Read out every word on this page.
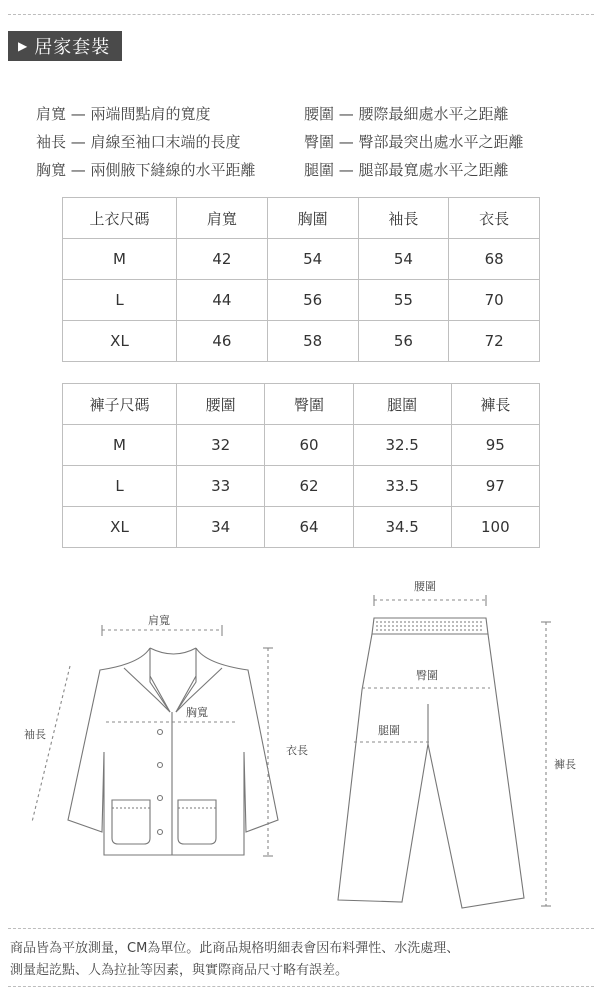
▶ 居家套裝
肩寬 — 兩端間點肩的寬度
袖長 — 肩線至袖口末端的長度
胸寬 — 兩側腋下縫線的水平距離
腰圍 — 腰際最細處水平之距離
臀圍 — 臀部最突出處水平之距離
腿圍 — 腿部最寬處水平之距離
上衣尺碼	肩寬	胸圍	袖長	衣長
M	42	54	54	68
L	44	56	55	70
XL	46	58	56	72
褲子尺碼	腰圍	臀圍	腿圍	褲長
M	32	60	32.5	95
L	33	62	33.5	97
XL	34	64	34.5	100
肩寬
胸寬
袖長
衣長
腰圍
臀圍
腿圍
褲長
商品皆為平放測量，CM為單位。此商品規格明細表會因布料彈性、水洗處理、
測量起訖點、人為拉扯等因素，與實際商品尺寸略有誤差。
